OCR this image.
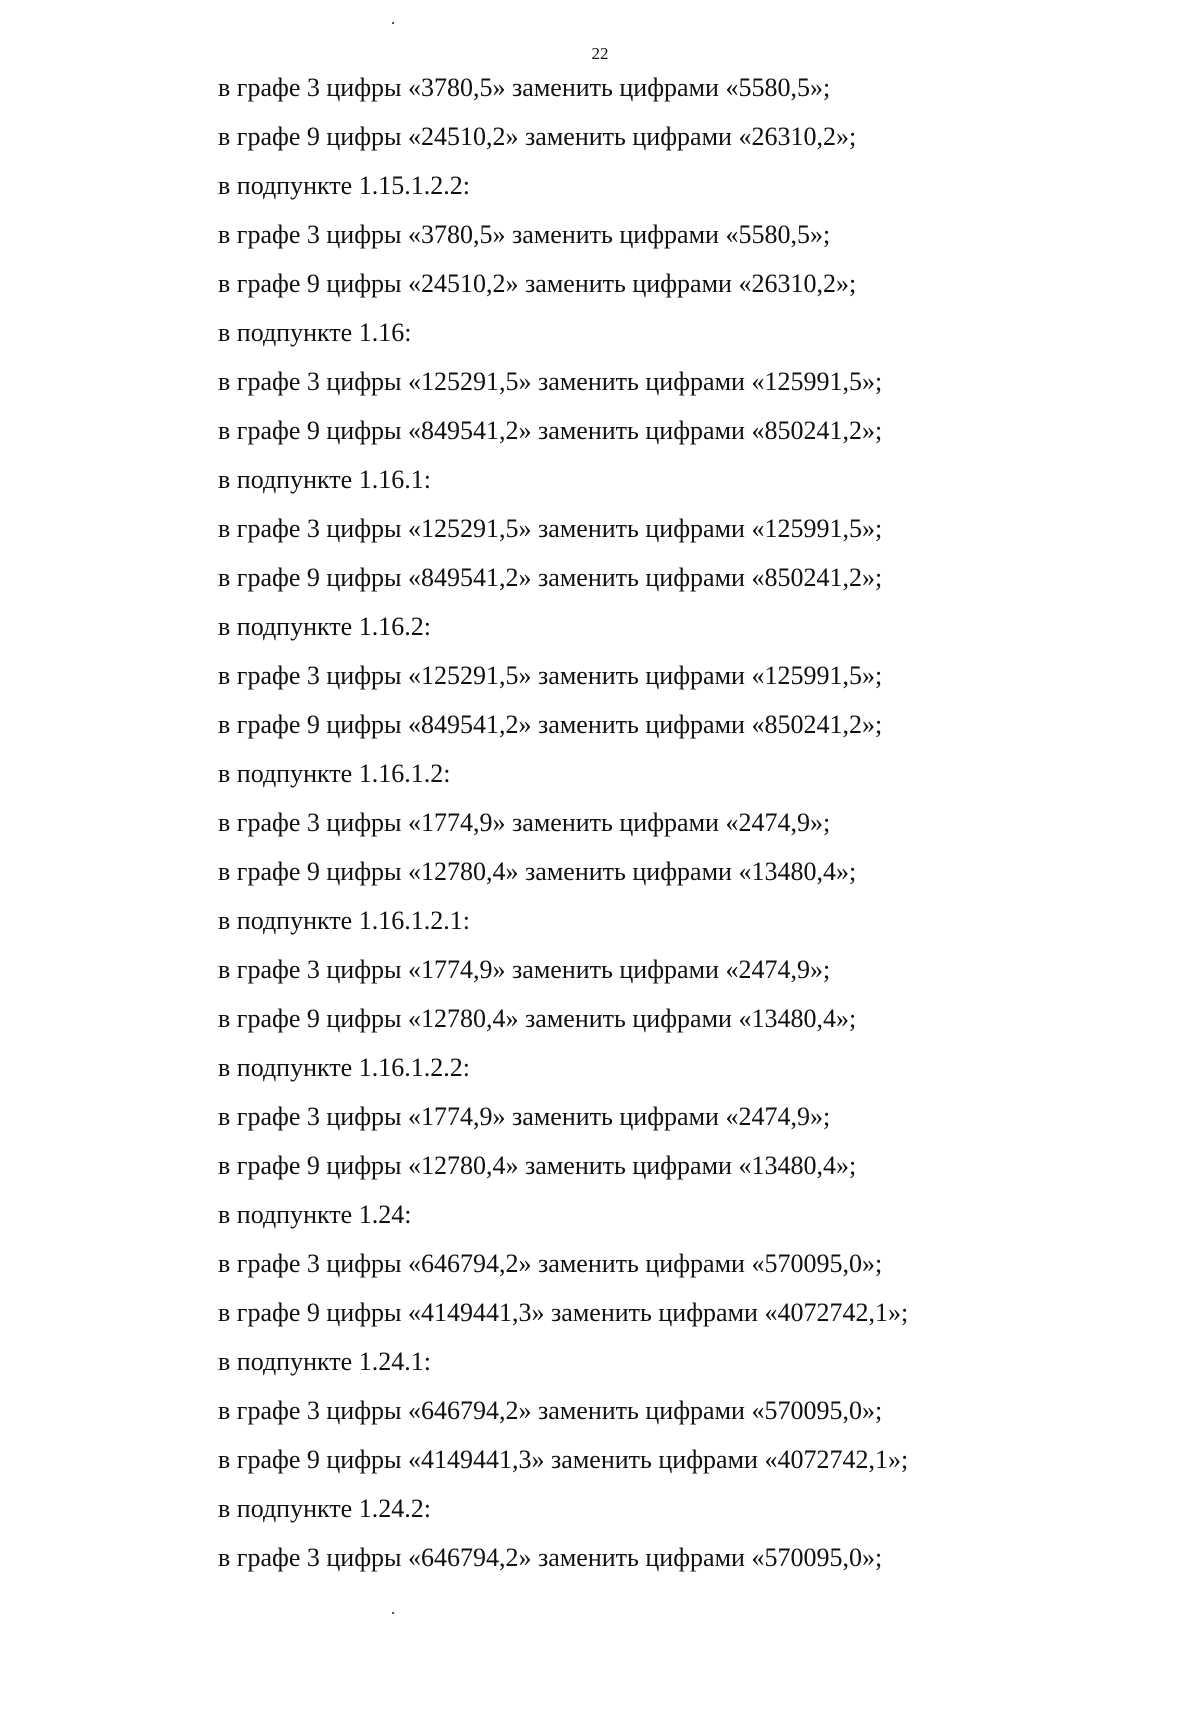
22
в графе 3 цифры «3780,5» заменить цифрами «5580,5»;
в графе 9 цифры «24510,2» заменить цифрами «26310,2»;
в подпункте 1.15.1.2.2:
в графе 3 цифры «3780,5» заменить цифрами «5580,5»;
в графе 9 цифры «24510,2» заменить цифрами «26310,2»;
в подпункте 1.16:
в графе 3 цифры «125291,5» заменить цифрами «125991,5»;
в графе 9 цифры «849541,2» заменить цифрами «850241,2»;
в подпункте 1.16.1:
в графе 3 цифры «125291,5» заменить цифрами «125991,5»;
в графе 9 цифры «849541,2» заменить цифрами «850241,2»;
в подпункте 1.16.2:
в графе 3 цифры «125291,5» заменить цифрами «125991,5»;
в графе 9 цифры «849541,2» заменить цифрами «850241,2»;
в подпункте 1.16.1.2:
в графе 3 цифры «1774,9» заменить цифрами «2474,9»;
в графе 9 цифры «12780,4» заменить цифрами «13480,4»;
в подпункте 1.16.1.2.1:
в графе 3 цифры «1774,9» заменить цифрами «2474,9»;
в графе 9 цифры «12780,4» заменить цифрами «13480,4»;
в подпункте 1.16.1.2.2:
в графе 3 цифры «1774,9» заменить цифрами «2474,9»;
в графе 9 цифры «12780,4» заменить цифрами «13480,4»;
в подпункте 1.24:
в графе 3 цифры «646794,2» заменить цифрами «570095,0»;
в графе 9 цифры «4149441,3» заменить цифрами «4072742,1»;
в подпункте 1.24.1:
в графе 3 цифры «646794,2» заменить цифрами «570095,0»;
в графе 9 цифры «4149441,3» заменить цифрами «4072742,1»;
в подпункте 1.24.2:
в графе 3 цифры «646794,2» заменить цифрами «570095,0»;
